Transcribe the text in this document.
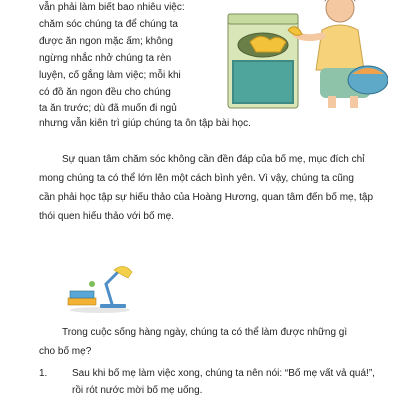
vẫn phải làm biết bao nhiêu việc:
chăm sóc chúng ta để chúng ta
được ăn ngon mặc ấm; không
ngừng nhắc nhở chúng ta rèn
luyện, cố gắng làm việc; mỗi khi
có đồ ăn ngon đều cho chúng
ta ăn trước; dù đã muốn đi ngủ

nhưng vẫn kiên trì giúp chúng ta ôn tập bài học.

Sự quan tâm chăm sóc không cần đền đáp của bố mẹ, mục đích chỉ
mong chúng ta có thể lớn lên một cách bình yên. Vì vậy, chúng ta cũng
cần phải học tập sự hiếu thảo của Hoàng Hương, quan tâm đến bố mẹ, tập
thói quen hiếu thảo với bố mẹ.

Trong cuộc sống hàng ngày, chúng ta có thể làm được những gì
cho bố mẹ?

1. Sau khi bố mẹ làm việc xong, chúng ta nên nói: “Bố mẹ vất vả quá!”,
rồi rót nước mời bố mẹ uống.
